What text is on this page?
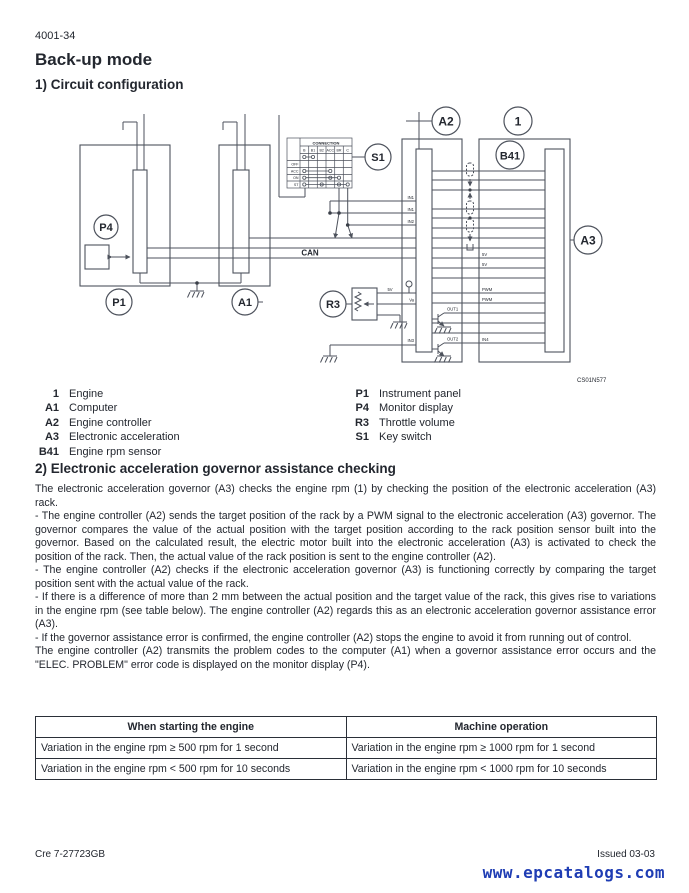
4001-34
Back-up mode
1) Circuit configuration
CONNECTION
B B1 B2 ACC BR C
OFF
ACC
ON
ST
P4
P1	A1
A2	1
B41
A3
S1
R3
CAN
IN1
IN1
IN2
5V
Va
IN3
5V
5V
PWM
PWM
IN4
OUT1
OUT2
CS01N577
1 Engine
A1 Computer
A2 Engine controller
A3 Electronic acceleration
B41 Engine rpm sensor
P1 Instrument panel
P4 Monitor display
R3 Throttle volume
S1 Key switch
2) Electronic acceleration governor assistance checking

The electronic acceleration governor (A3) checks the engine rpm (1) by checking the position of the electronic acceleration (A3) rack.

- The engine controller (A2) sends the target position of the rack by a PWM signal to the electronic acceleration (A3) governor. The governor compares the value of the actual position with the target position according to the rack position sensor built into the governor. Based on the calculated result, the electric motor built into the electronic acceleration (A3) is activated to check the position of the rack. Then, the actual value of the rack position is sent to the engine controller (A2).

- The engine controller (A2) checks if the electronic acceleration governor (A3) is functioning correctly by comparing the target position sent with the actual value of the rack.

- If there is a difference of more than 2 mm between the actual position and the target value of the rack, this gives rise to variations in the engine rpm (see table below). The engine controller (A2) regards this as an electronic acceleration governor assistance error (A3).

- If the governor assistance error is confirmed, the engine controller (A2) stops the engine to avoid it from running out of control.

The engine controller (A2) transmits the problem codes to the computer (A1) when a governor assistance error occurs and the "ELEC. PROBLEM" error code is displayed on the monitor display (P4).

When starting the engine	Machine operation
Variation in the engine rpm ≥ 500 rpm for 1 second	Variation in the engine rpm ≥ 1000 rpm for 1 second
Variation in the engine rpm < 500 rpm for 10 seconds	Variation in the engine rpm < 1000 rpm for 10 seconds
Cre 7-27723GB	Issued 03-03
www.epcatalogs.com
